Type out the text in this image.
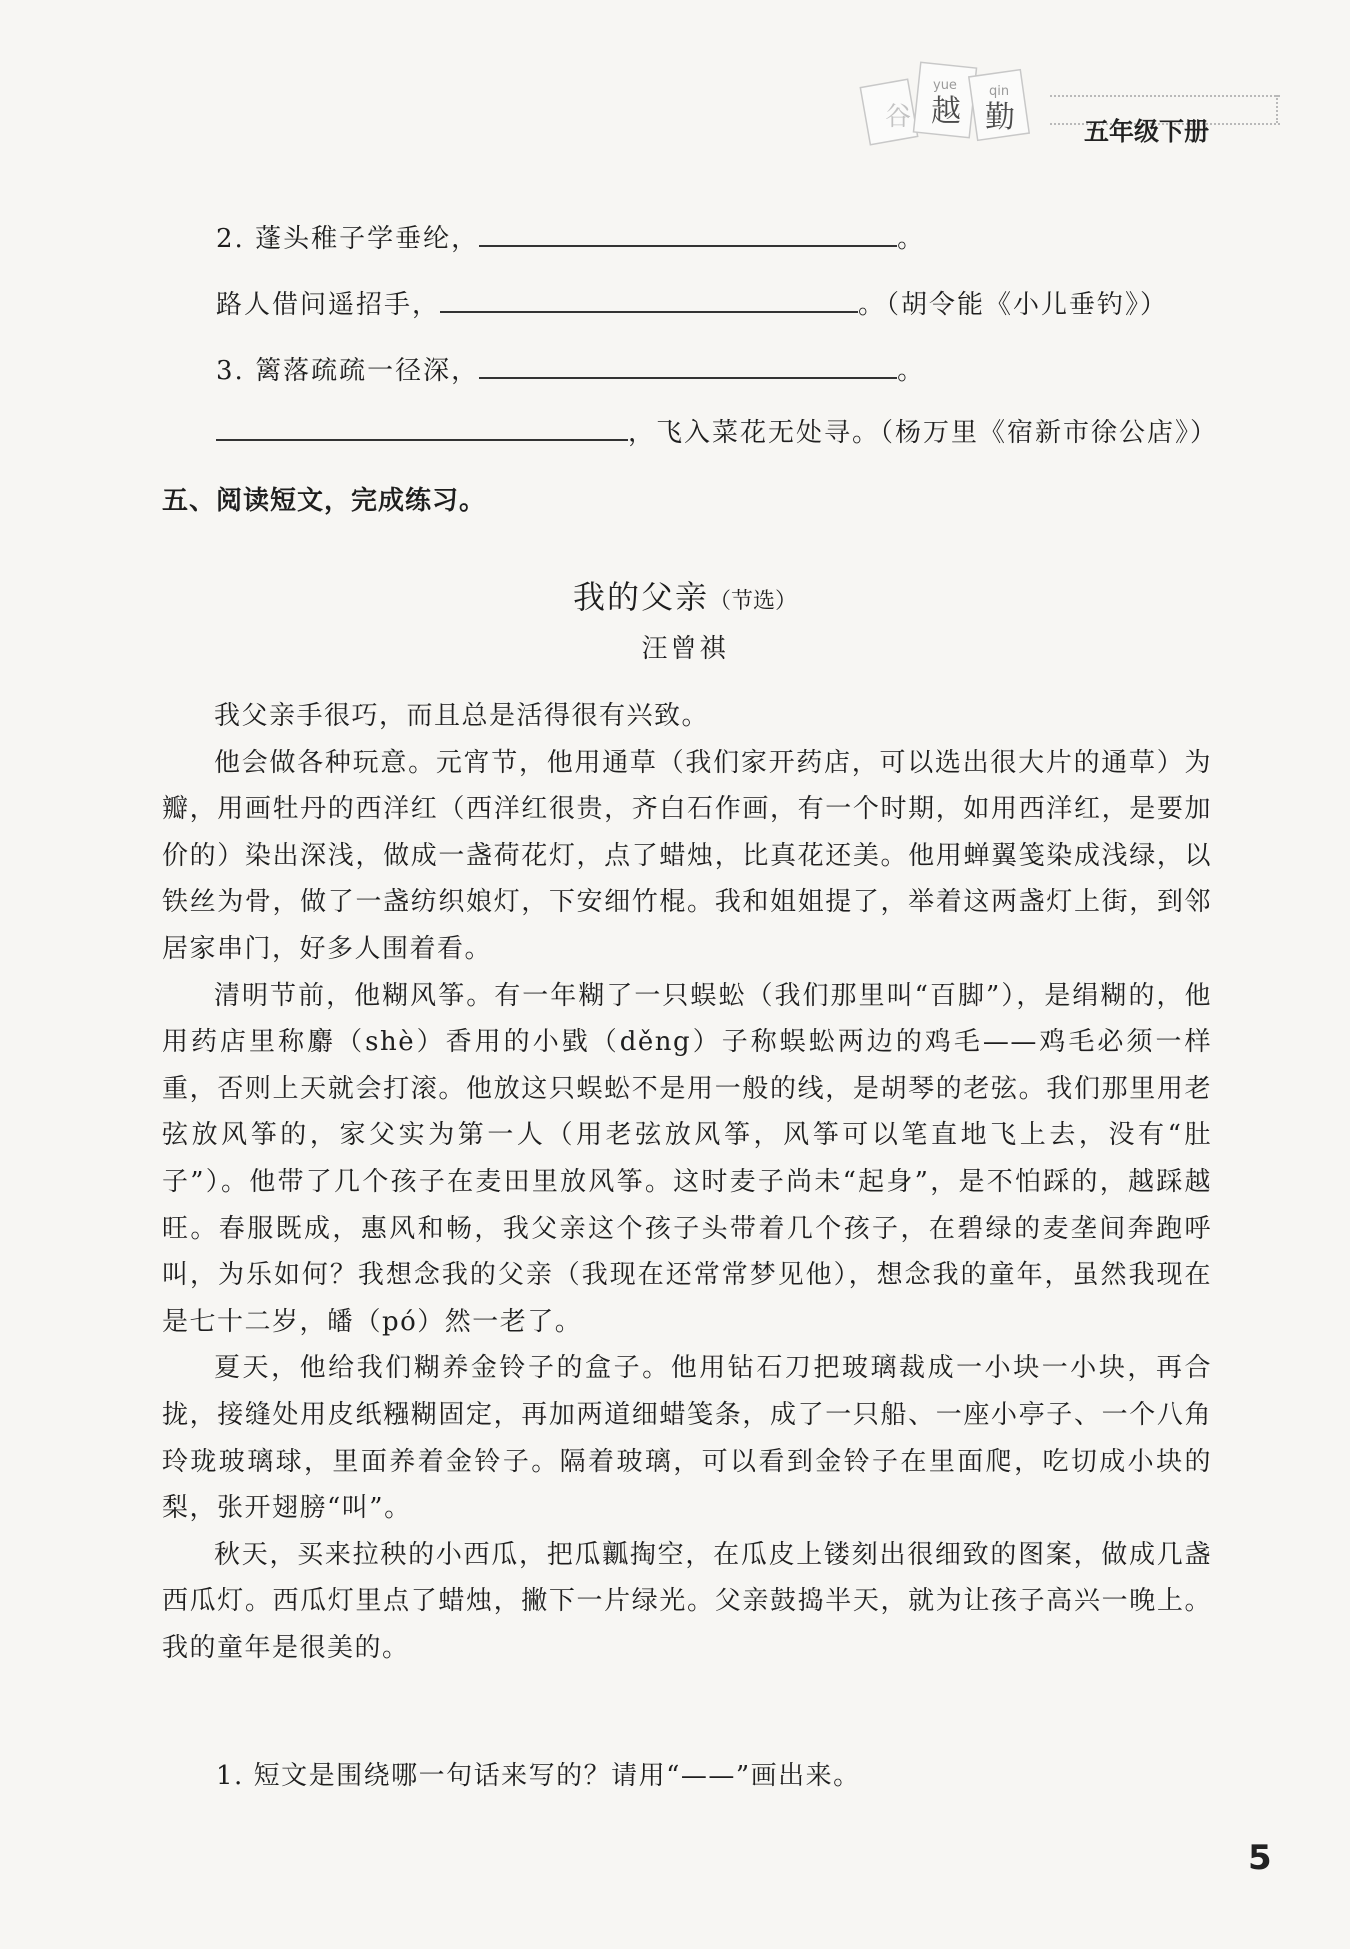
谷
yue
越
qin
勤	五年级下册
2. 蓬头稚子学垂纶，	。
路人借问遥招手，	。（胡令能《小儿垂钓》）
3. 篱落疏疏一径深，	。
，飞入菜花无处寻。（杨万里《宿新市徐公店》）
五、阅读短文，完成练习。
我的父亲（节选）
汪曾祺

我父亲手很巧，而且总是活得很有兴致。

他会做各种玩意。元宵节，他用通草（我们家开药店，可以选出很大片的通草）为瓣，用画牡丹的西洋红（西洋红很贵，齐白石作画，有一个时期，如用西洋红，是要加价的）染出深浅，做成一盏荷花灯，点了蜡烛，比真花还美。他用蝉翼笺染成浅绿，以铁丝为骨，做了一盏纺织娘灯，下安细竹棍。我和姐姐提了，举着这两盏灯上街，到邻居家串门，好多人围着看。

清明节前，他糊风筝。有一年糊了一只蜈蚣（我们那里叫“百脚”），是绢糊的，他用药店里称麝（shè）香用的小戥（děng）子称蜈蚣两边的鸡毛——鸡毛必须一样重，否则上天就会打滚。他放这只蜈蚣不是用一般的线，是胡琴的老弦。我们那里用老弦放风筝的，家父实为第一人（用老弦放风筝，风筝可以笔直地飞上去，没有“肚子”）。他带了几个孩子在麦田里放风筝。这时麦子尚未“起身”，是不怕踩的，越踩越旺。春服既成，惠风和畅，我父亲这个孩子头带着几个孩子，在碧绿的麦垄间奔跑呼叫，为乐如何？我想念我的父亲（我现在还常常梦见他），想念我的童年，虽然我现在是七十二岁，皤（pó）然一老了。

夏天，他给我们糊养金铃子的盒子。他用钻石刀把玻璃裁成一小块一小块，再合拢，接缝处用皮纸糨糊固定，再加两道细蜡笺条，成了一只船、一座小亭子、一个八角玲珑玻璃球，里面养着金铃子。隔着玻璃，可以看到金铃子在里面爬，吃切成小块的梨，张开翅膀“叫”。

秋天，买来拉秧的小西瓜，把瓜瓤掏空，在瓜皮上镂刻出很细致的图案，做成几盏西瓜灯。西瓜灯里点了蜡烛，撇下一片绿光。父亲鼓捣半天，就为让孩子高兴一晚上。我的童年是很美的。

1. 短文是围绕哪一句话来写的？请用“——”画出来。
5
